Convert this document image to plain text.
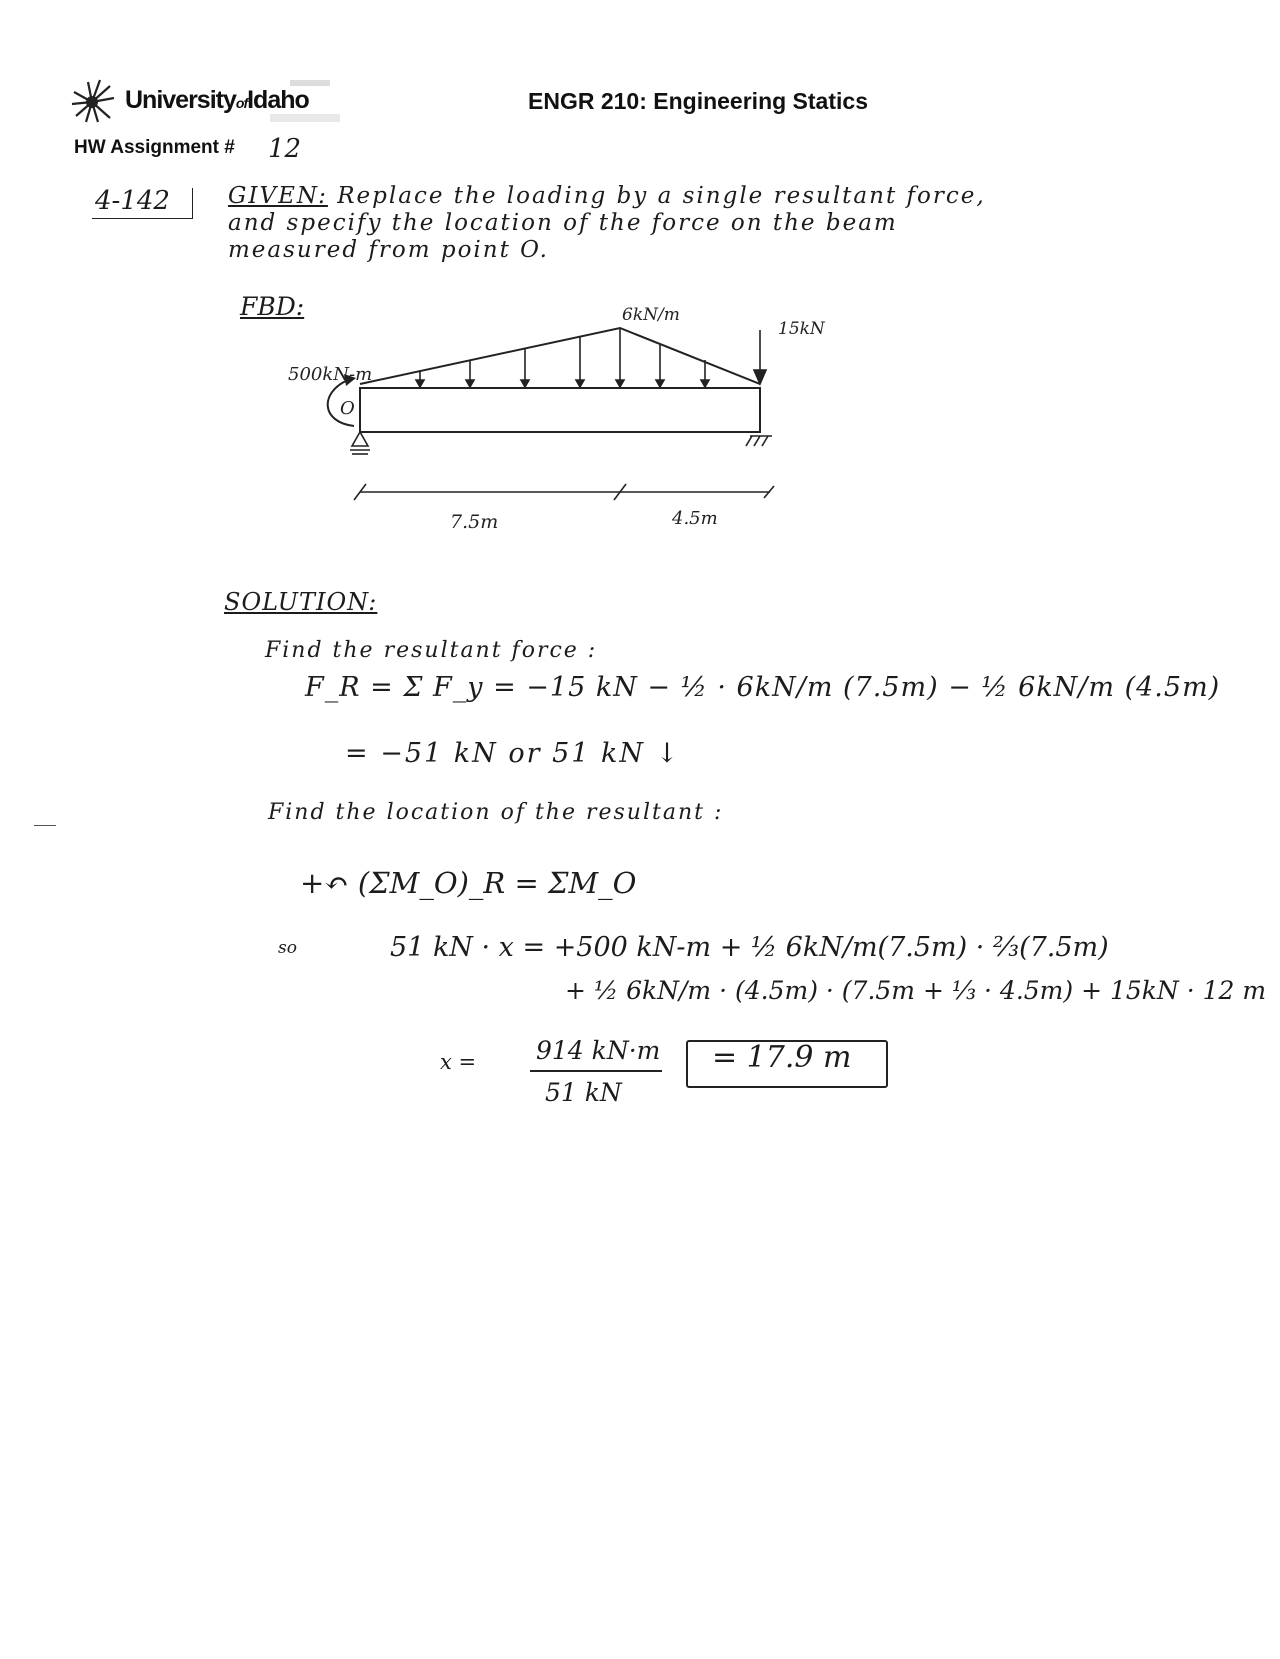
UniversityofIdaho	ENGR 210: Engineering Statics
HW Assignment # 12
4-142	GIVEN: Replace the loading by a single resultant force,
and specify the location of the force on the beam
measured from point O.
FBD:
500kN-m
O
6kN/m
15kN
7.5m	4.5m
SOLUTION:
Find the resultant force :
F_R = Σ F_y = −15 kN − ½ · 6kN/m (7.5m) − ½ 6kN/m (4.5m)
= −51 kN or 51 kN ↓
Find the location of the resultant :
+↶ (ΣM_O)_R = ΣM_O
so	51 kN · x = +500 kN-m + ½ 6kN/m(7.5m) · ⅔(7.5m)
+ ½ 6kN/m · (4.5m) · (7.5m + ⅓ · 4.5m) + 15kN · 12 m
x = 914 kN·m
51 kN
= 17.9 m
